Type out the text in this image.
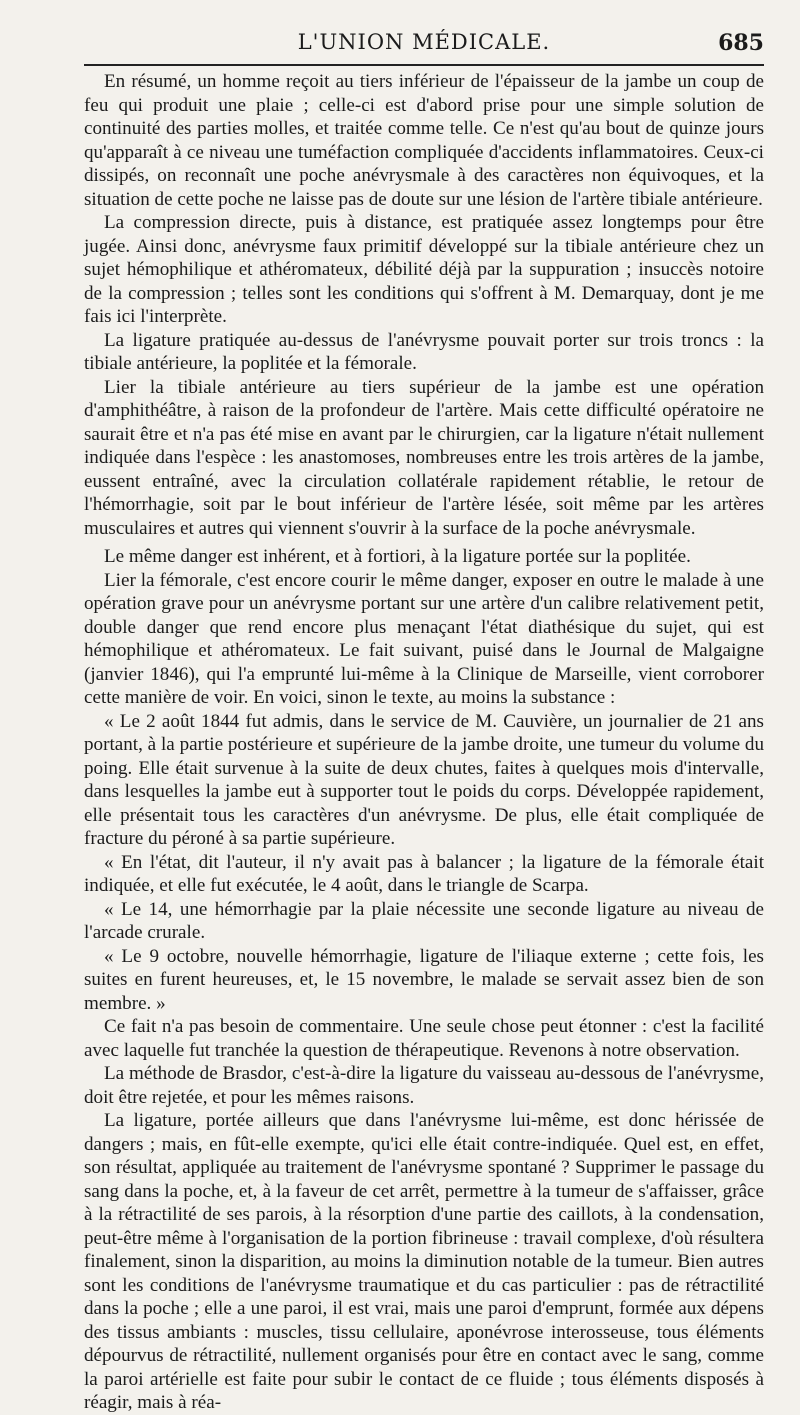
L'UNION MÉDICALE.	685

En résumé, un homme reçoit au tiers inférieur de l'épaisseur de la jambe un coup de feu qui produit une plaie ; celle-ci est d'abord prise pour une simple solution de continuité des parties molles, et traitée comme telle. Ce n'est qu'au bout de quinze jours qu'apparaît à ce niveau une tuméfaction compliquée d'accidents inflammatoires. Ceux-ci dissipés, on reconnaît une poche anévrysmale à des caractères non équivoques, et la situation de cette poche ne laisse pas de doute sur une lésion de l'artère tibiale antérieure.

La compression directe, puis à distance, est pratiquée assez longtemps pour être jugée. Ainsi donc, anévrysme faux primitif développé sur la tibiale antérieure chez un sujet hémophilique et athéromateux, débilité déjà par la suppuration ; insuccès notoire de la compression ; telles sont les conditions qui s'offrent à M. Demarquay, dont je me fais ici l'interprète.

La ligature pratiquée au-dessus de l'anévrysme pouvait porter sur trois troncs : la tibiale antérieure, la poplitée et la fémorale.

Lier la tibiale antérieure au tiers supérieur de la jambe est une opération d'amphithéâtre, à raison de la profondeur de l'artère. Mais cette difficulté opératoire ne saurait être et n'a pas été mise en avant par le chirurgien, car la ligature n'était nullement indiquée dans l'espèce : les anastomoses, nombreuses entre les trois artères de la jambe, eussent entraîné, avec la circulation collatérale rapidement rétablie, le retour de l'hémorrhagie, soit par le bout inférieur de l'artère lésée, soit même par les artères musculaires et autres qui viennent s'ouvrir à la surface de la poche anévrysmale.

Le même danger est inhérent, et à fortiori, à la ligature portée sur la poplitée.

Lier la fémorale, c'est encore courir le même danger, exposer en outre le malade à une opération grave pour un anévrysme portant sur une artère d'un calibre relativement petit, double danger que rend encore plus menaçant l'état diathésique du sujet, qui est hémophilique et athéromateux. Le fait suivant, puisé dans le Journal de Malgaigne (janvier 1846), qui l'a emprunté lui-même à la Clinique de Marseille, vient corroborer cette manière de voir. En voici, sinon le texte, au moins la substance :

« Le 2 août 1844 fut admis, dans le service de M. Cauvière, un journalier de 21 ans portant, à la partie postérieure et supérieure de la jambe droite, une tumeur du volume du poing. Elle était survenue à la suite de deux chutes, faites à quelques mois d'intervalle, dans lesquelles la jambe eut à supporter tout le poids du corps. Développée rapidement, elle présentait tous les caractères d'un anévrysme. De plus, elle était compliquée de fracture du péroné à sa partie supérieure.

« En l'état, dit l'auteur, il n'y avait pas à balancer ; la ligature de la fémorale était indiquée, et elle fut exécutée, le 4 août, dans le triangle de Scarpa.

« Le 14, une hémorrhagie par la plaie nécessite une seconde ligature au niveau de l'arcade crurale.

« Le 9 octobre, nouvelle hémorrhagie, ligature de l'iliaque externe ; cette fois, les suites en furent heureuses, et, le 15 novembre, le malade se servait assez bien de son membre. »

Ce fait n'a pas besoin de commentaire. Une seule chose peut étonner : c'est la facilité avec laquelle fut tranchée la question de thérapeutique. Revenons à notre observation.

La méthode de Brasdor, c'est-à-dire la ligature du vaisseau au-dessous de l'anévrysme, doit être rejetée, et pour les mêmes raisons.

La ligature, portée ailleurs que dans l'anévrysme lui-même, est donc hérissée de dangers ; mais, en fût-elle exempte, qu'ici elle était contre-indiquée. Quel est, en effet, son résultat, appliquée au traitement de l'anévrysme spontané ? Supprimer le passage du sang dans la poche, et, à la faveur de cet arrêt, permettre à la tumeur de s'affaisser, grâce à la rétractilité de ses parois, à la résorption d'une partie des caillots, à la condensation, peut-être même à l'organisation de la portion fibrineuse : travail complexe, d'où résultera finalement, sinon la disparition, au moins la diminution notable de la tumeur. Bien autres sont les conditions de l'anévrysme traumatique et du cas particulier : pas de rétractilité dans la poche ; elle a une paroi, il est vrai, mais une paroi d'emprunt, formée aux dépens des tissus ambiants : muscles, tissu cellulaire, aponévrose interosseuse, tous éléments dépourvus de rétractilité, nullement organisés pour être en contact avec le sang, comme la paroi artérielle est faite pour subir le contact de ce fluide ; tous éléments disposés à réagir, mais à réa-
